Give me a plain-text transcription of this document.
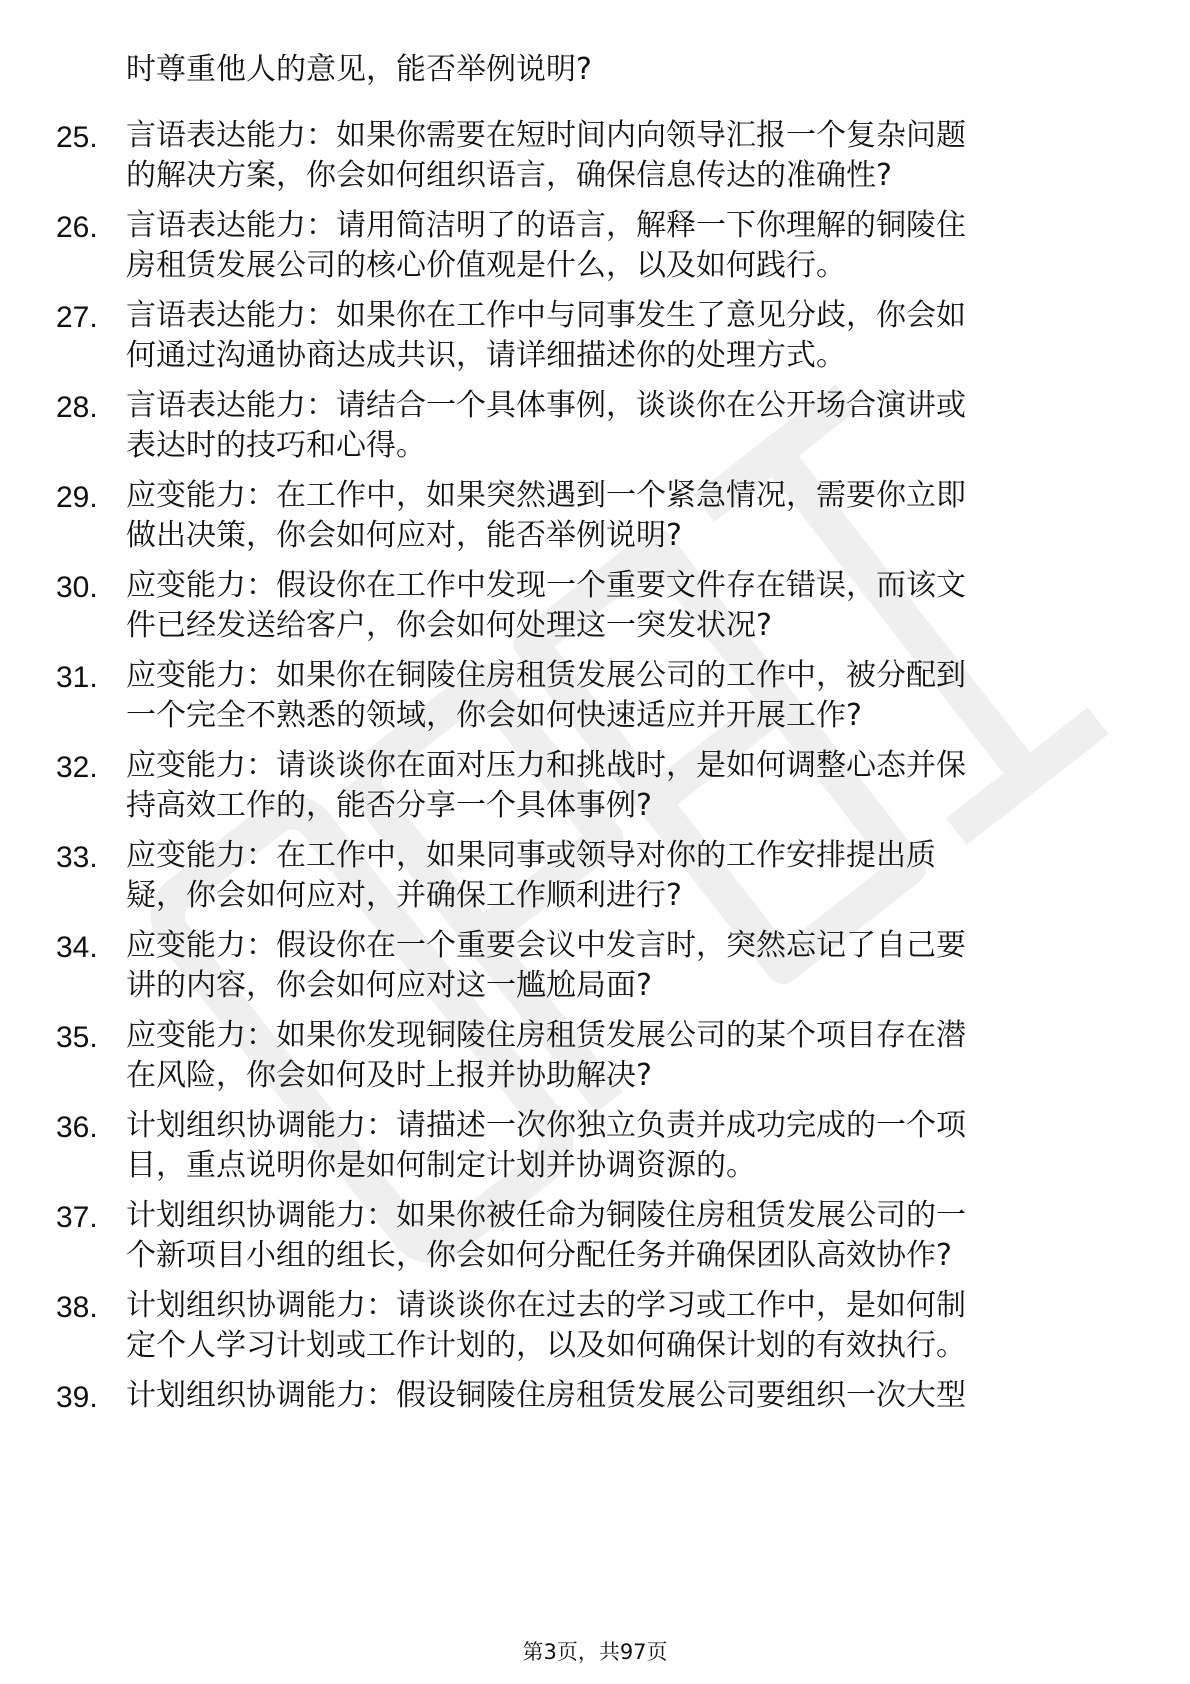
时尊重他人的意见，能否举例说明?
25. 言语表达能力：如果你需要在短时间内向领导汇报一个复杂问题
的解决方案，你会如何组织语言，确保信息传达的准确性?
26. 言语表达能力：请用简洁明了的语言，解释一下你理解的铜陵住
房租赁发展公司的核心价值观是什么，以及如何践行。
27. 言语表达能力：如果你在工作中与同事发生了意见分歧，你会如
何通过沟通协商达成共识，请详细描述你的处理方式。
28. 言语表达能力：请结合一个具体事例，谈谈你在公开场合演讲或
表达时的技巧和心得。
29. 应变能力：在工作中，如果突然遇到一个紧急情况，需要你立即
做出决策，你会如何应对，能否举例说明?
30. 应变能力：假设你在工作中发现一个重要文件存在错误，而该文
件已经发送给客户，你会如何处理这一突发状况?
31. 应变能力：如果你在铜陵住房租赁发展公司的工作中，被分配到
一个完全不熟悉的领域，你会如何快速适应并开展工作?
32. 应变能力：请谈谈你在面对压力和挑战时，是如何调整心态并保
持高效工作的，能否分享一个具体事例?
33. 应变能力：在工作中，如果同事或领导对你的工作安排提出质
疑，你会如何应对，并确保工作顺利进行?
34. 应变能力：假设你在一个重要会议中发言时，突然忘记了自己要
讲的内容，你会如何应对这一尴尬局面?
35. 应变能力：如果你发现铜陵住房租赁发展公司的某个项目存在潜
在风险，你会如何及时上报并协助解决?
36. 计划组织协调能力：请描述一次你独立负责并成功完成的一个项
目，重点说明你是如何制定计划并协调资源的。
37. 计划组织协调能力：如果你被任命为铜陵住房租赁发展公司的一
个新项目小组的组长，你会如何分配任务并确保团队高效协作?
38. 计划组织协调能力：请谈谈你在过去的学习或工作中，是如何制
定个人学习计划或工作计划的，以及如何确保计划的有效执行。
39. 计划组织协调能力：假设铜陵住房租赁发展公司要组织一次大型
第3页，共97页
